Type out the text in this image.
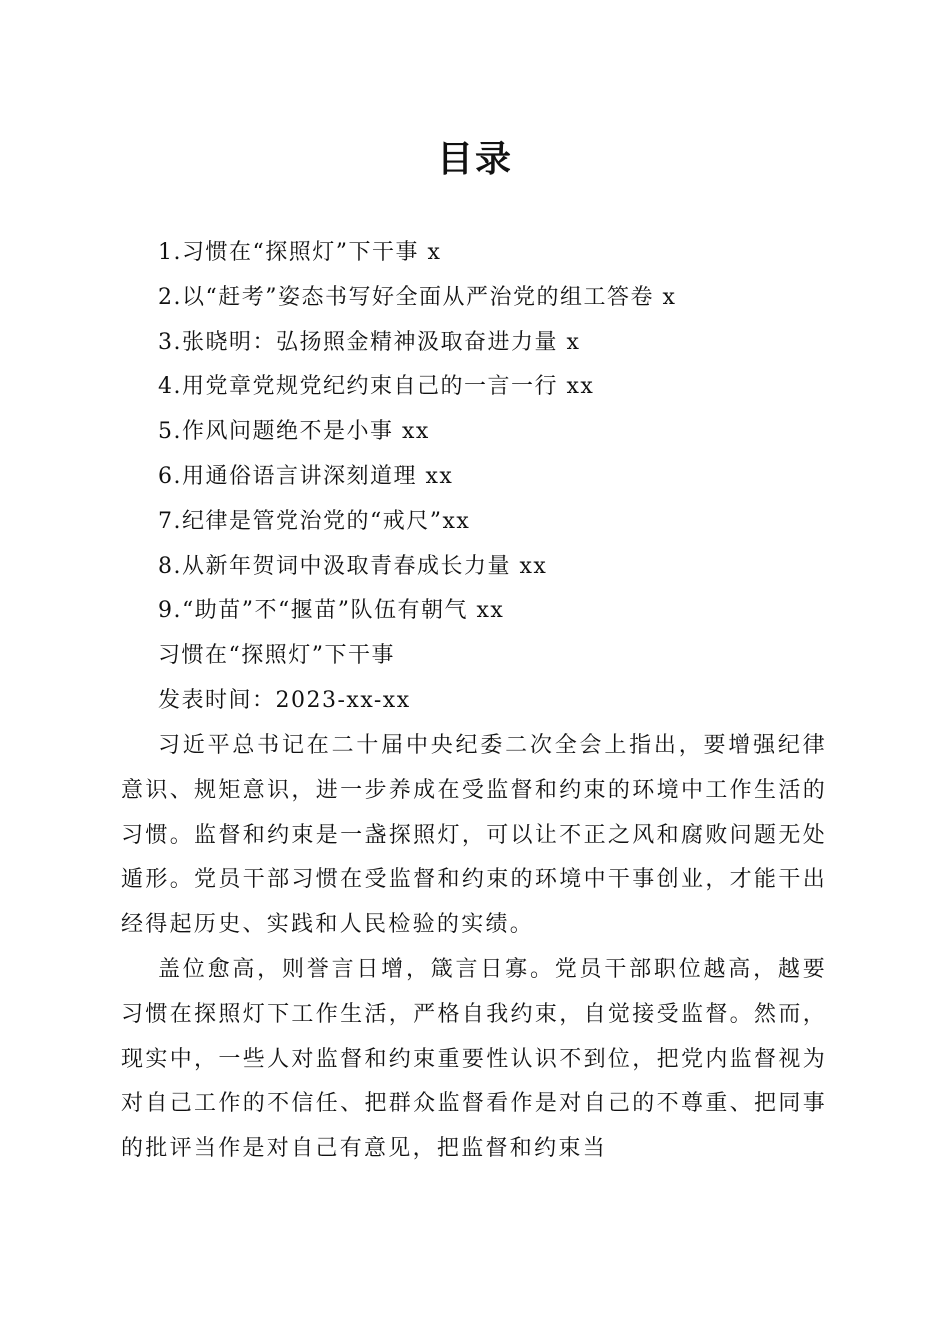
目录
1.习惯在“探照灯”下干事 x
2.以“赶考”姿态书写好全面从严治党的组工答卷 x
3.张晓明：弘扬照金精神汲取奋进力量 x
4.用党章党规党纪约束自己的一言一行 xx
5.作风问题绝不是小事 xx
6.用通俗语言讲深刻道理 xx
7.纪律是管党治党的“戒尺”xx
8.从新年贺词中汲取青春成长力量 xx
9.“助苗”不“揠苗”队伍有朝气 xx
习惯在“探照灯”下干事
发表时间：2023-xx-xx

习近平总书记在二十届中央纪委二次全会上指出，要增强纪律意识、规矩意识，进一步养成在受监督和约束的环境中工作生活的习惯。监督和约束是一盏探照灯，可以让不正之风和腐败问题无处遁形。党员干部习惯在受监督和约束的环境中干事创业，才能干出经得起历史、实践和人民检验的实绩。

盖位愈高，则誉言日增，箴言日寡。党员干部职位越高，越要习惯在探照灯下工作生活，严格自我约束，自觉接受监督。然而，现实中，一些人对监督和约束重要性认识不到位，把党内监督视为对自己工作的不信任、把群众监督看作是对自己的不尊重、把同事的批评当作是对自己有意见，把监督和约束当
